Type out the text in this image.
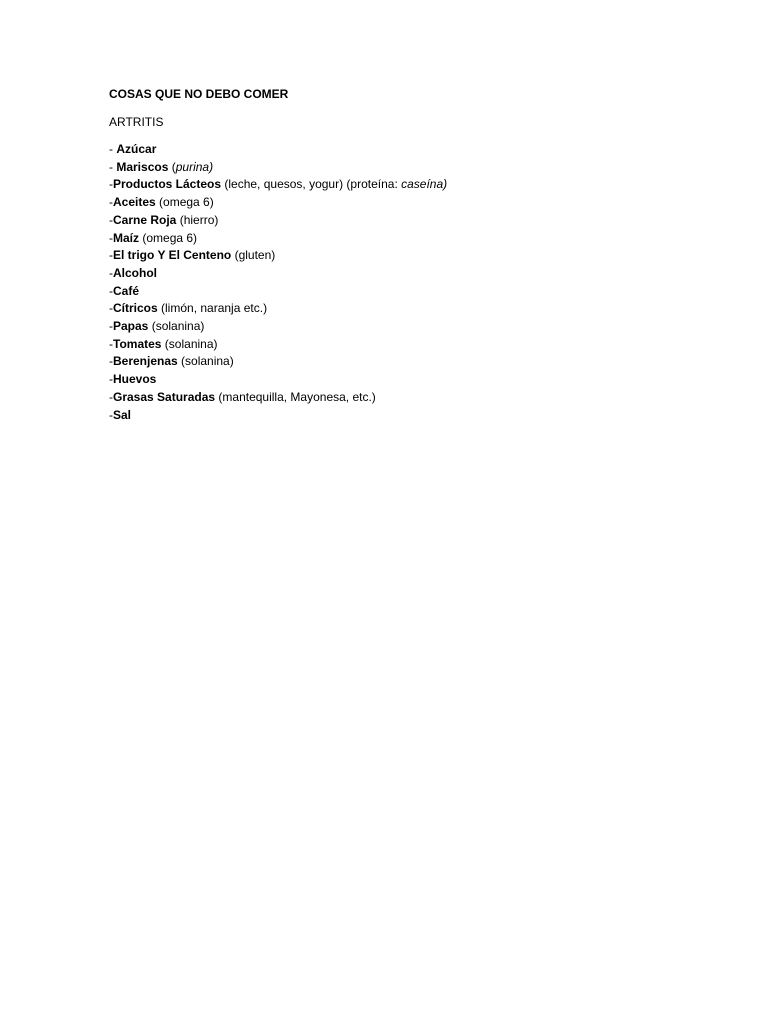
COSAS QUE NO DEBO COMER
ARTRITIS
- Azúcar
- Mariscos (purina)
-Productos Lácteos (leche, quesos, yogur) (proteína: caseína)
-Aceites (omega 6)
-Carne Roja (hierro)
-Maíz (omega 6)
-El trigo Y El Centeno (gluten)
-Alcohol
-Café
-Cítricos (limón, naranja etc.)
-Papas (solanina)
-Tomates (solanina)
-Berenjenas (solanina)
-Huevos
-Grasas Saturadas (mantequilla, Mayonesa, etc.)
-Sal
